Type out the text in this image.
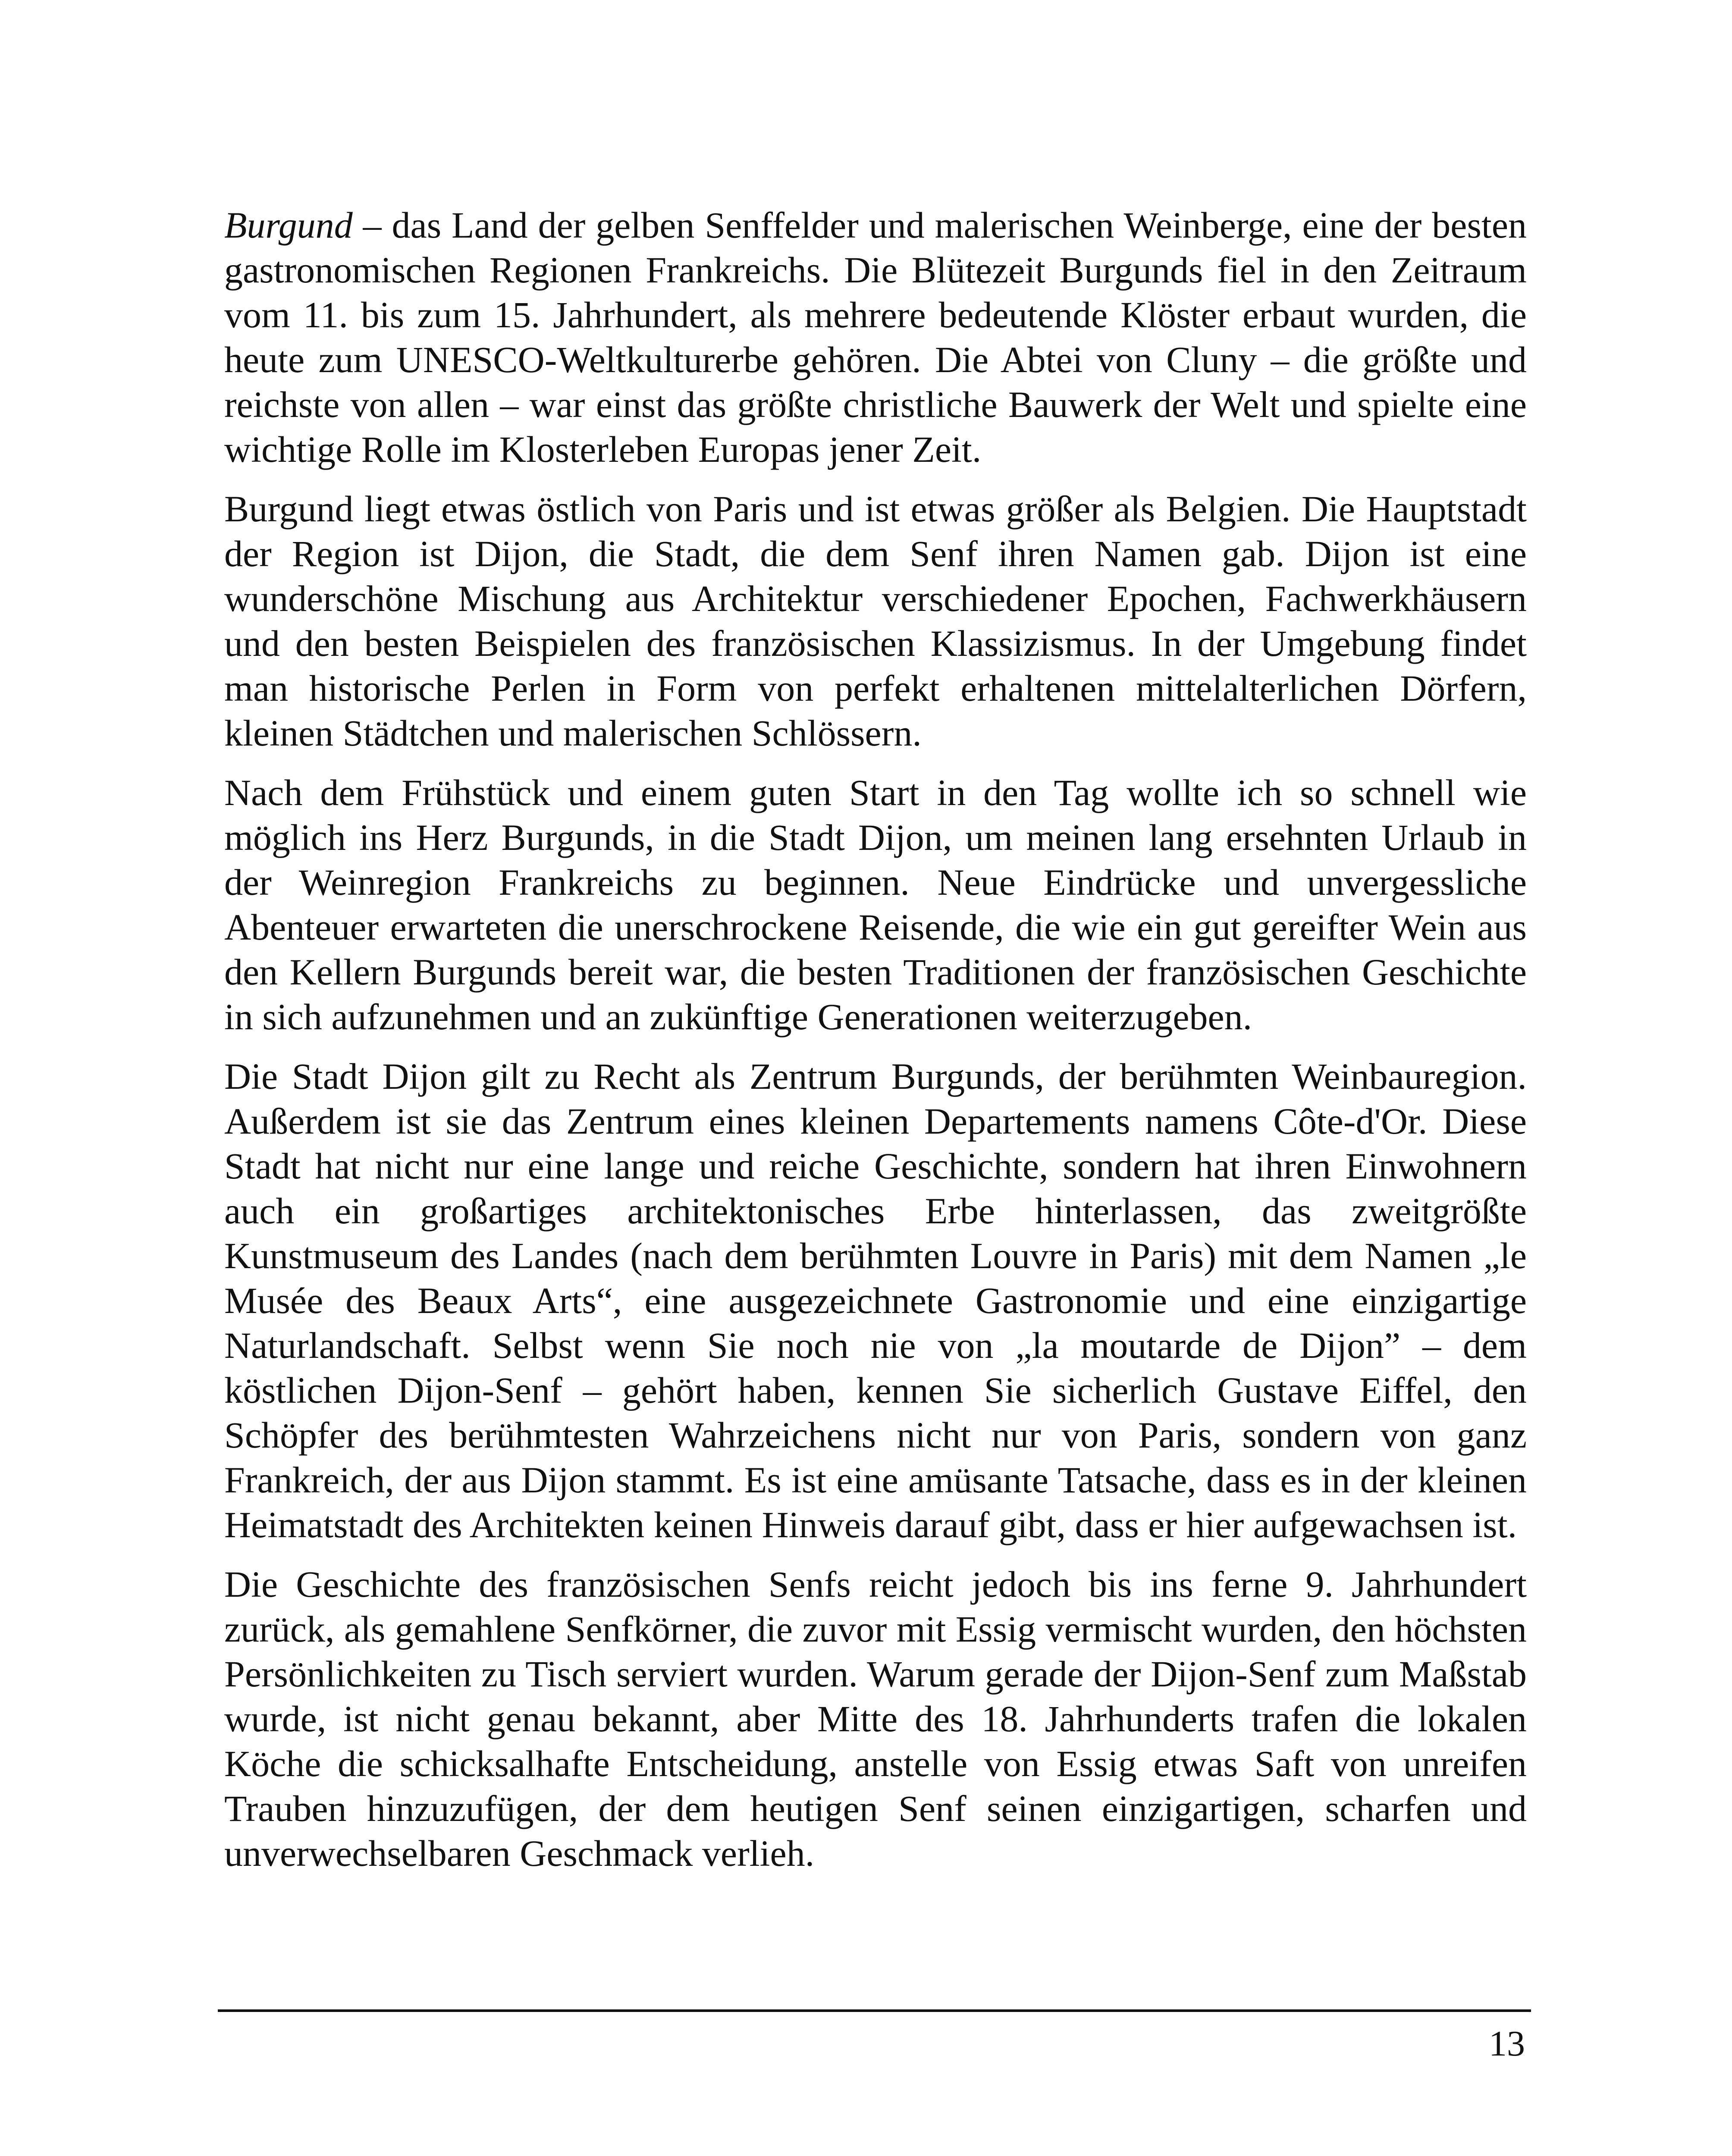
Burgund – das Land der gelben Senffelder und malerischen Weinberge, eine der besten gastronomischen Regionen Frankreichs. Die Blütezeit Burgunds fiel in den Zeitraum vom 11. bis zum 15. Jahrhundert, als mehrere bedeutende Klöster erbaut wurden, die heute zum UNESCO-Weltkulturerbe gehören. Die Abtei von Cluny – die größte und reichste von allen – war einst das größte christliche Bauwerk der Welt und spielte eine wichtige Rolle im Klosterleben Europas jener Zeit.

Burgund liegt etwas östlich von Paris und ist etwas größer als Belgien. Die Hauptstadt der Region ist Dijon, die Stadt, die dem Senf ihren Namen gab. Dijon ist eine wunderschöne Mischung aus Architektur verschiedener Epochen, Fachwerkhäusern und den besten Beispielen des französischen Klassizismus. In der Umgebung findet man historische Perlen in Form von perfekt erhaltenen mittelalterlichen Dörfern, kleinen Städtchen und malerischen Schlössern.

Nach dem Frühstück und einem guten Start in den Tag wollte ich so schnell wie möglich ins Herz Burgunds, in die Stadt Dijon, um meinen lang ersehnten Urlaub in der Weinregion Frankreichs zu beginnen. Neue Eindrücke und unvergessliche Abenteuer erwarteten die unerschrockene Reisende, die wie ein gut gereifter Wein aus den Kellern Burgunds bereit war, die besten Traditionen der französischen Geschichte in sich aufzunehmen und an zukünftige Generationen weiterzugeben.

Die Stadt Dijon gilt zu Recht als Zentrum Burgunds, der berühmten Weinbauregion. Außerdem ist sie das Zentrum eines kleinen Departements namens Côte-d'Or. Diese Stadt hat nicht nur eine lange und reiche Geschichte, sondern hat ihren Einwohnern auch ein großartiges architektonisches Erbe hinterlassen, das zweitgrößte Kunstmuseum des Landes (nach dem berühmten Louvre in Paris) mit dem Namen „le Musée des Beaux Arts“, eine ausgezeichnete Gastronomie und eine einzigartige Naturlandschaft. Selbst wenn Sie noch nie von „la moutarde de Dijon” – dem köstlichen Dijon-Senf – gehört haben, kennen Sie sicherlich Gustave Eiffel, den Schöpfer des berühmtesten Wahrzeichens nicht nur von Paris, sondern von ganz Frankreich, der aus Dijon stammt. Es ist eine amüsante Tatsache, dass es in der kleinen Heimatstadt des Architekten keinen Hinweis darauf gibt, dass er hier aufgewachsen ist.

Die Geschichte des französischen Senfs reicht jedoch bis ins ferne 9. Jahrhundert zurück, als gemahlene Senfkörner, die zuvor mit Essig vermischt wurden, den höchsten Persönlichkeiten zu Tisch serviert wurden. Warum gerade der Dijon-Senf zum Maßstab wurde, ist nicht genau bekannt, aber Mitte des 18. Jahrhunderts trafen die lokalen Köche die schicksalhafte Entscheidung, anstelle von Essig etwas Saft von unreifen Trauben hinzuzufügen, der dem heutigen Senf seinen einzigartigen, scharfen und unverwechselbaren Geschmack verlieh.

13
